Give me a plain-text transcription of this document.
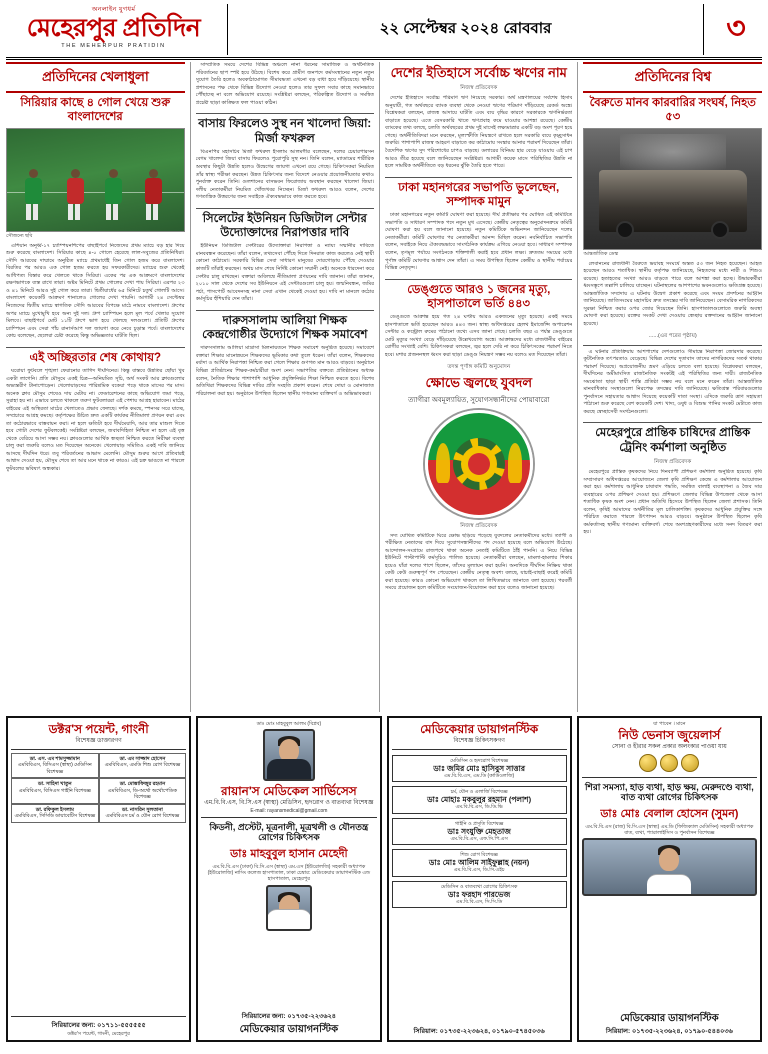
অনলাইন যুগধর্ম
মেহেরপুর প্রতিদিন
THE MEHERPUR PRATIDIN
২২ সেপ্টেম্বর ২০২৪ রোববার	৩
প্রতিদিনের খেলাধুলা
সিরিয়ার কাছে ৪ গোল খেয়ে শুরু বাংলাদেশের
সৌজন্যে ছবি

এশিয়ান অনূর্ধ্ব-১৭ চ্যাম্পিয়নশিপের বাছাইপর্বে নিজেদের প্রথম ম্যাচে বড় হার দিয়ে শুরু করেছে বাংলাদেশ। সিরিয়ার কাছে ৪-০ গোলে হেরেছে লাল-সবুজের প্রতিনিধিরা। সৌদি আরবের দাম্মামে অনুষ্ঠিত ম্যাচে প্রথমার্ধেই তিন গোল হজম করে বাংলাদেশ। বিরতির পর আরও এক গোল হজম করতে হয় সফরকারীদের। ম্যাচের শুরু থেকেই আধিপত্য বিস্তার করে খেলতে থাকে সিরিয়া। একের পর এক আক্রমণে বাংলাদেশের রক্ষণভাগকে ব্যস্ত রাখে তারা। অষ্টম মিনিটে প্রথম গোলের দেখা পায় সিরিয়া। এরপর ২৩ ও ৪১ মিনিটে আরও দুই গোল করে তারা। দ্বিতীয়ার্ধের ৬৫ মিনিটে চতুর্থ গোলটি আসে। বাংলাদেশ কয়েকটি আক্রমণ শানালেও গোলের দেখা পায়নি। আগামী ২৪ সেপ্টেম্বর নিজেদের দ্বিতীয় ম্যাচে স্বাগতিক সৌদি আরবের বিপক্ষে মাঠে নামবে বাংলাদেশ। গ্রুপের অপর ম্যাচে মুখোমুখি হবে অন্য দুই দল। গ্রুপ চ্যাম্পিয়ন হলে মূল পর্বে খেলার সুযোগ মিলবে। বাছাইপর্বে মোট ১১টি গ্রুপে ভাগ হয়ে খেলছে দলগুলো। প্রতিটি গ্রুপের চ্যাম্পিয়ন এবং সেরা পাঁচ রানার্সআপ দল জায়গা করে নেবে চূড়ান্ত পর্বে। বাংলাদেশের কোচ বলেছেন, ছেলেরা চেষ্টা করেছে কিন্তু অভিজ্ঞতার ঘাটতি ছিল।

এই অচ্ছিরতার শেষ কোথায়?

ঘরোয়া ফুটবলে শৃঙ্খলা ফেরানোর তাগিদ দীর্ঘদিনের। কিন্তু বাস্তবে উন্নতির ছোঁয়া খুব একটা লাগেনি। প্রতি মৌসুমে একই চিত্র—অনিয়মিত সূচি, অর্থ সংকট আর ক্লাবগুলোর অভ্যন্তরীণ টানাপোড়েন। খেলোয়াড়দের পারিশ্রমিক বকেয়া পড়ে থাকে মাসের পর মাস। অনেক ক্লাব মৌসুম শেষেও দায় মেটায় না। ফেডারেশনের কাছে অভিযোগ জমা পড়ে, সুরাহা হয় না। এভাবে চলতে থাকলে তরুণ ফুটবলাররা এই পেশায় আগ্রহ হারাবেন। মাঠের বাইরের এই অস্থিরতা মাঠের খেলাতেও প্রভাব ফেলছে। দর্শক কমছে, স্পনসর সরে যাচ্ছে, সম্প্রচারে আগ্রহ কমছে। কর্তৃপক্ষের উচিত দ্রুত একটি কার্যকর নীতিমালা প্রণয়ন করা এবং তা কঠোরভাবে বাস্তবায়ন করা। না হলে ক্ষতিটা হবে দীর্ঘমেয়াদি, আর তার মাশুল দিতে হবে গোটা দেশের ফুটবলকেই। সংশ্লিষ্টরা বলছেন, জবাবদিহিতা নিশ্চিত না হলে এই বৃত্ত থেকে বেরিয়ে আসা সম্ভব নয়। ক্লাবগুলোর আর্থিক স্বচ্ছতা নিশ্চিত করতে নিরীক্ষা ব্যবস্থা চালু করা জরুরি বলেও মত দিয়েছেন অনেকে। খেলোয়াড় সমিতিও একই দাবি জানিয়ে আসছে দীর্ঘদিন ধরে। তবু পরিবর্তনের আভাস মেলেনি। মৌসুম শুরুর আগে প্রতিবারই আশ্বাস দেওয়া হয়, মৌসুম শেষে তা আর মনে থাকে না কারও। এই চক্র ভাঙতে না পারলে ফুটবলের ভবিষ্যৎ অন্ধকার।

সাম্প্রতিক সময়ে দেশের বিভিন্ন অঞ্চলে নানা ধরনের সামাজিক ও অর্থনৈতিক পরিবর্তনের ছাপ স্পষ্ট হয়ে উঠছে। বিশেষ করে গ্রামীণ জনপদে কর্মসংস্থানের নতুন নতুন সুযোগ তৈরি হলেও অবকাঠামোগত সীমাবদ্ধতা এখনো বড় বাধা হয়ে দাঁড়িয়েছে। স্থানীয় প্রশাসনের পক্ষ থেকে বিভিন্ন উদ্যোগ নেওয়া হলেও তার সুফল সবার কাছে সমানভাবে পৌঁছাচ্ছে না বলে অভিযোগ রয়েছে। সংশ্লিষ্টরা বলছেন, পরিকল্পিত উদ্যোগ ও সমন্বিত প্রচেষ্টা ছাড়া কাঙ্ক্ষিত ফল পাওয়া কঠিন।

বাসায় ফিরলেও সুস্থ নন খালেদা জিয়া: মির্জা ফখরুল

বিএনপির মহাসচিব মির্জা ফখরুল ইসলাম আলমগীর বলেছেন, দলের চেয়ারপারসন বেগম খালেদা জিয়া বাসায় ফিরলেও পুরোপুরি সুস্থ নন। তিনি বলেন, ম্যাডামের শারীরিক অবস্থার কিছুটা উন্নতি হলেও উদ্বেগের জায়গা এখনো রয়ে গেছে। চিকিৎসকরা নিয়মিত তাঁর স্বাস্থ্য পরীক্ষা করছেন। উন্নত চিকিৎসার জন্য বিদেশে নেওয়ার প্রয়োজনীয়তার কথাও পুনর্ব্যক্ত করেন তিনি। গুলশানের বাসভবন ফিরোজায় অবস্থান করছেন খালেদা জিয়া। দলীয় নেতাকর্মীরা নিয়মিত খোঁজখবর নিচ্ছেন। মির্জা ফখরুল আরও বলেন, দেশের গণতান্ত্রিক উত্তরণের জন্য সবাইকে ঐক্যবদ্ধভাবে কাজ করতে হবে।

সিলেটের ইউনিয়ন ডিজিটাল সেন্টার উদ্যোক্তাদের নিরাপত্তার দাবি

ইউনিয়ন ডিজিটাল সেন্টারের উদ্যোক্তারা নিরাপত্তা ও ন্যায্য সম্মানীর দাবিতে মানববন্ধন করেছেন। তাঁরা বলেন, তথ্যসেবা পৌঁছে দিতে দিনরাত কাজ করলেও নেই স্থায়ী কোনো কাঠামো। সরকারি বিভিন্ন সেবা সাধারণ মানুষের দোরগোড়ায় পৌঁছে দেওয়ার কাজটি তাঁরাই করছেন। অথচ মাস শেষে নির্দিষ্ট কোনো সম্মানী নেই। অনেকে ধারদেনা করে সেন্টার চালু রাখছেন। বক্তারা অবিলম্বে নীতিমালা প্রণয়নের দাবি জানান। তাঁরা জানান, ২০১০ সাল থেকে দেশের সব ইউনিয়নে এই সেন্টারগুলো চালু হয়। জন্মনিবন্ধন, জমির পর্চা, পাসপোর্ট আবেদনসহ নানা সেবা এখান থেকেই দেওয়া হয়। দাবি না মানলে কঠোর কর্মসূচির হুঁশিয়ারি দেন তাঁরা।

দারুসসালাম আলিয়া শিক্ষক কেন্দ্রগোষ্ঠীর উদ্যোগে শিক্ষক সমাবেশ

দারুসসালাম আলিয়া মাদ্রাসা মিলনায়তনে শিক্ষক সমাবেশ অনুষ্ঠিত হয়েছে। সমাবেশে বক্তারা শিক্ষার মানোন্নয়নে শিক্ষকদের ভূমিকার কথা তুলে ধরেন। তাঁরা বলেন, শিক্ষকদের মর্যাদা ও আর্থিক নিরাপত্তা নিশ্চিত করা গেলে শিক্ষার গুণগত মান আরও বাড়বে। অনুষ্ঠানে বিভিন্ন প্রতিষ্ঠানের শিক্ষক-কর্মচারীরা অংশ নেন। সভাপতির বক্তব্যে প্রতিষ্ঠানের অধ্যক্ষ বলেন, নৈতিক শিক্ষার পাশাপাশি আধুনিক প্রযুক্তিনির্ভর শিক্ষা নিশ্চিত করতে হবে। বিশেষ অতিথিরা শিক্ষকদের বিভিন্ন দাবির প্রতি সংহতি প্রকাশ করেন। শেষে দোয়া ও মোনাজাত পরিচালনা করা হয়। অনুষ্ঠানে উপস্থিত ছিলেন স্থানীয় গণ্যমান্য ব্যক্তিবর্গ ও অভিভাবকরা।

দেশের ইতিহাসে সর্বোচ্চ ঋণের নাম
নিজস্ব প্রতিবেদক

দেশের ইতিহাসে সর্বোচ্চ পরিমাণ ঋণ নিয়েছে সরকার। অর্থ মন্ত্রণালয়ের সর্বশেষ হিসাব অনুযায়ী, গত অর্থবছরে ব্যাংক ব্যবস্থা থেকে নেওয়া ঋণের পরিমাণ দাঁড়িয়েছে রেকর্ড অঙ্কে। বিশ্লেষকরা বলছেন, রাজস্ব আদায়ে ঘাটতি এবং ব্যয় বৃদ্ধির কারণে সরকারকে ঋণনির্ভরতা বাড়াতে হয়েছে। এতে বেসরকারি খাতে ঋণপ্রবাহ কমে যাওয়ার আশঙ্কা রয়েছে। কেন্দ্রীয় ব্যাংকের তথ্য বলছে, চলতি অর্থবছরের প্রথম দুই মাসেই লক্ষ্যমাত্রার একটি বড় অংশ পূরণ হয়ে গেছে। অর্থনীতিবিদরা মনে করছেন, মূল্যস্ফীতি নিয়ন্ত্রণে রাখতে হলে সরকারি ব্যয়ে কৃচ্ছ্রসাধন জরুরি। পাশাপাশি রাজস্ব আহরণ বাড়াতে কর কাঠামোয় সংস্কার আনার পরামর্শ দিয়েছেন তাঁরা। বৈদেশিক ঋণের সুদ পরিশোধের চাপও বাড়ছে। ডলারের বিনিময় হার বেড়ে যাওয়ায় এই চাপ আরও তীব্র হয়েছে বলে জানিয়েছেন সংশ্লিষ্টরা। আগামী কয়েক মাসে পরিস্থিতির উন্নতি না হলে সামষ্টিক অর্থনীতিতে বড় ধরনের ঝুঁকি তৈরি হতে পারে।

ঢাকা মহানগরের সভাপতি ভুলেছেন, সম্পাদক মামুন

ঢাকা মহানগরের নতুন কমিটি ঘোষণা করা হয়েছে। দীর্ঘ প্রতীক্ষার পর ঘোষিত এই কমিটিতে সভাপতি ও সাধারণ সম্পাদক পদে নতুন মুখ এসেছে। কেন্দ্রীয় নেতৃত্বের অনুমোদনক্রমে কমিটি ঘোষণা করা হয় বলে জানানো হয়েছে। নতুন কমিটিকে অভিনন্দন জানিয়েছেন দলের নেতাকর্মীরা। কমিটি ঘোষণার পর নেতাকর্মীরা আনন্দ মিছিল করেন। নবনির্বাচিত সভাপতি বলেন, সবাইকে নিয়ে ঐক্যবদ্ধভাবে সাংগঠনিক কার্যক্রম এগিয়ে নেওয়া হবে। সাধারণ সম্পাদক বলেন, তৃণমূল পর্যায়ে সংগঠনকে শক্তিশালী করাই হবে প্রধান লক্ষ্য। দ্রুততম সময়ের মধ্যে পূর্ণাঙ্গ কমিটি ঘোষণার আশ্বাস দেন তাঁরা। এ সময় উপস্থিত ছিলেন কেন্দ্রীয় ও স্থানীয় পর্যায়ের বিভিন্ন নেতৃবৃন্দ।

ডেঙ্গুতে আরও ১ জনের মৃত্যু, হাসপাতালে ভর্তি ৪৪৩

ডেঙ্গুতে আক্রান্ত হয়ে গত ২৪ ঘণ্টায় আরও একজনের মৃত্যু হয়েছে। একই সময়ে হাসপাতালে ভর্তি হয়েছেন আরও ৪৪৩ জন। স্বাস্থ্য অধিদপ্তরের হেলথ ইমার্জেন্সি অপারেশন সেন্টার ও কন্ট্রোল রুমের পাঠানো তথ্যে এসব জানা গেছে। চলতি বছর এ পর্যন্ত ডেঙ্গুতে মোট মৃত্যুর সংখ্যা বেড়ে দাঁড়িয়েছে উল্লেখযোগ্য অঙ্কে। আক্রান্তদের মধ্যে রাজধানীর বাইরের রোগীর সংখ্যাই বেশি। চিকিৎসকরা বলছেন, জ্বর হলে দেরি না করে চিকিৎসকের পরামর্শ নিতে হবে। মশার প্রজননস্থল ধ্বংস করা ছাড়া ডেঙ্গু নিয়ন্ত্রণ সম্ভব নয় বলেও মত দিয়েছেন তাঁরা।

তদন্ত পূর্ণাঙ্গ কমিটি অনুমোদন
ক্ষোভে জ্বলছে যুবদল
ত্যাগীরা অবমূল্যায়িত, সুযোগসন্ধানীদের পোয়াবারো
নিজস্ব প্রতিবেদক

সদ্য ঘোষিত কমিটিকে ঘিরে ক্ষোভ ছড়িয়ে পড়েছে যুবদলের নেতাকর্মীদের মধ্যে। ত্যাগী ও পরীক্ষিত নেতাদের বাদ দিয়ে সুযোগসন্ধানীদের পদ দেওয়া হয়েছে বলে অভিযোগ উঠেছে। আন্দোলন-সংগ্রামে রাজপথে থাকা অনেক নেতাই কমিটিতে ঠাঁই পাননি। এ নিয়ে বিভিন্ন ইউনিটে পাল্টাপাল্টি কর্মসূচিও পালিত হয়েছে। নেতাকর্মীরা বলছেন, মামলা-হামলার শিকার হয়েও যাঁরা দলের পাশে ছিলেন, তাঁদের মূল্যায়ন করা হয়নি। অন্যদিকে দীর্ঘদিন নিষ্ক্রিয় থাকা কেউ কেউ গুরুত্বপূর্ণ পদ পেয়েছেন। কেন্দ্রীয় নেতৃত্ব অবশ্য বলছে, যাচাই-বাছাই করেই কমিটি করা হয়েছে। কারও কোনো অভিযোগ থাকলে তা লিখিতভাবে জানাতে বলা হয়েছে। পরবর্তী সময়ে প্রয়োজন হলে কমিটিতে সংযোজন-বিয়োজন করা হবে বলেও জানানো হয়েছে।

প্রতিদিনের বিশ্ব
বৈরুতে মানব কারবারির সংঘর্ষ, নিহত ৫৩
আন্তর্জাতিক ডেস্ক

লেবাননের রাজধানী বৈরুতে ভয়াবহ সংঘর্ষে অন্তত ৫৩ জন নিহত হয়েছেন। আহত হয়েছেন আরও শতাধিক। স্থানীয় কর্তৃপক্ষ জানিয়েছে, নিহতদের মধ্যে নারী ও শিশুও রয়েছে। হতাহতের সংখ্যা আরও বাড়তে পারে বলে আশঙ্কা করা হচ্ছে। উদ্ধারকর্মীরা ধ্বংসস্তূপে তল্লাশি চালিয়ে যাচ্ছেন। ঘটনাস্থলের আশপাশের ভবনগুলোও ক্ষতিগ্রস্ত হয়েছে। আন্তর্জাতিক সম্প্রদায় এ ঘটনায় উদ্বেগ প্রকাশ করেছে এবং সংযম প্রদর্শনের আহ্বান জানিয়েছে। জাতিসংঘের মহাসচিব দ্রুত তদন্তের দাবি জানিয়েছেন। বেসামরিক নাগরিকদের সুরক্ষা নিশ্চিত করার ওপর জোর দিয়েছেন তিনি। হাসপাতালগুলোতে জরুরি অবস্থা ঘোষণা করা হয়েছে। রক্তের সংকট দেখা দেওয়ায় স্বেচ্ছায় রক্তদানের আহ্বান জানানো হয়েছে।

......(এর পরের পৃষ্ঠায়)

এ ঘটনার প্রতিক্রিয়ায় আশপাশের দেশগুলোও সীমান্তে নিরাপত্তা জোরদার করেছে। কূটনৈতিক তৎপরতাও বেড়েছে। বিভিন্ন দেশের দূতাবাস তাদের নাগরিকদের সতর্ক থাকার পরামর্শ দিয়েছে। অপ্রয়োজনীয় ভ্রমণ এড়িয়ে চলতে বলা হয়েছে। বিশ্লেষকরা বলছেন, দীর্ঘদিনের অমীমাংসিত রাজনৈতিক সংকটই এই পরিস্থিতির জন্য দায়ী। রাজনৈতিক সমঝোতা ছাড়া স্থায়ী শান্তি প্রতিষ্ঠা সম্ভব নয় বলে মনে করেন তাঁরা। আন্তর্জাতিক মানবাধিকার সংস্থাগুলো নিরপেক্ষ তদন্তের দাবি জানিয়েছে। ক্ষতিগ্রস্ত পরিবারগুলোর পুনর্বাসনে সহায়তার আশ্বাস দিয়েছে কয়েকটি দাতা সংস্থা। এদিকে জরুরি ত্রাণ সহায়তা পাঠানো শুরু করেছে বেশ কয়েকটি দেশ। খাদ্য, ওষুধ ও বিশুদ্ধ পানির সংকট মেটাতে কাজ করছে স্বেচ্ছাসেবী সংগঠনগুলো।

মেহেরপুরে প্রান্তিক চাষিদের প্রান্তিক ট্রেনিং কর্মশালা অনুষ্ঠিত
নিজস্ব প্রতিবেদক

মেহেরপুরে প্রান্তিক কৃষকদের নিয়ে দিনব্যাপী প্রশিক্ষণ কর্মশালা অনুষ্ঠিত হয়েছে। কৃষি সম্প্রসারণ অধিদপ্তরের আয়োজনে জেলা কৃষি প্রশিক্ষণ কেন্দ্রে এ কর্মশালার আয়োজন করা হয়। কর্মশালায় আধুনিক চাষাবাদ পদ্ধতি, সমন্বিত বালাই ব্যবস্থাপনা ও জৈব সার ব্যবহারের ওপর প্রশিক্ষণ দেওয়া হয়। প্রশিক্ষণে জেলার বিভিন্ন উপজেলা থেকে আসা শতাধিক কৃষক অংশ নেন। প্রধান অতিথি হিসেবে উপস্থিত ছিলেন জেলা প্রশাসক। তিনি বলেন, কৃষিই আমাদের অর্থনীতির মূল চালিকাশক্তি। কৃষকদের আধুনিক প্রযুক্তির সঙ্গে পরিচিত করাতে পারলে উৎপাদন আরও বাড়বে। অনুষ্ঠানে উপস্থিত ছিলেন কৃষি কর্মকর্তাসহ স্থানীয় গণ্যমান্য ব্যক্তিবর্গ। শেষে অংশগ্রহণকারীদের মধ্যে সনদ বিতরণ করা হয়।

ডক্টর'স পয়েন্ট, গাংনী
বিশেষজ্ঞ ডাক্তারগণ
ডা. এস. এম শামসুজ্জামান
এমবিবিএস, বিসিএস (স্বাস্থ্য) মেডিসিন বিশেষজ্ঞ
ডা. এম সাজ্জাদ হোসেন
এমবিবিএস, এমডি শিশু রোগ বিশেষজ্ঞ
ডা. সাহিদা খাতুন
এমবিবিএস, বিসিএস গাইনি বিশেষজ্ঞ
ডা. মোস্তাফিজুর রহমান
এমবিবিএস, ডি-অর্থো অর্থোপেডিক বিশেষজ্ঞ
ডা. রফিকুল ইসলাম
এমবিবিএস, সিসিডি ডায়াবেটিস বিশেষজ্ঞ
ডা. নাসরিন সুলতানা
এমবিবিএস চর্ম ও যৌন রোগ বিশেষজ্ঞ
সিরিয়ালের জন্য: ০১৭১১-৫৫৫৫৫৫
ডক্টর'স পয়েন্ট, গাংনী, মেহেরপুর
ডাঃ মোঃ মাহবুবুল আলম (বিপ্লব)
রায়ান'স মেডিকেল সার্ভিসেস
এম.বি.বি.এস, বি.সি.এস (স্বাস্থ্য) মেডিসিন, হৃদরোগ ও বাতব্যথা বিশেষজ্ঞ
E-mail: rayansmedical@gmail.com
কিডনী, প্রস্টেট, মূত্রনালী, মূত্রথলী ও যৌনতন্ত্র রোগের চিকিৎসক
ডাঃ মাহবুবুল হাসান মেহেদী
এম.বি.বি.এস (ঢাকা) বি.সি.এস (স্বাস্থ্য) এম.এস (ইউরোলজি) সহকারী অধ্যাপক (ইউরোলজি) নাসিং কলেজ হাসপাতাল, ঢাকা চেম্বার: মেডিকেয়ার ডায়াগনস্টিক এন্ড হাসপাতাল, মেহেরপুর
সিরিয়ালের জন্য: ০১৭৩৫-২২৩৬২৪
মেডিকেয়ার ডায়াগনস্টিক
মেডিকেয়ার ডায়াগনস্টিক
বিশেষজ্ঞ চিকিৎসকগণ
মেডিসিন ও হৃদরোগ বিশেষজ্ঞ
ডাঃ জমির মোঃ হাসিবুস সাত্তার
এম.বি.বি.এস, এম.ডি (কার্ডিওলজি)
চর্ম, যৌন ও এলার্জি বিশেষজ্ঞ
ডাঃ মোহাঃ মকবুলুর রহমান (পলাশ)
এম.বি.বি.এস, ডি.ডি.ভি
গাইনি ও প্রসূতি বিশেষজ্ঞ
ডাঃ সংযুক্তি মেহতাজ
এম.বি.বি.এস, এফ.সি.পি.এস
শিশু রোগ বিশেষজ্ঞ
ডাঃ মোঃ আলিম সাইফুল্লাহ (নয়ন)
এম.বি.বি.এস, ডি.সি.এইচ
মেডিসিন ও বাতব্যথা রোগের চিকিৎসক
ডাঃ ফরহাদ পারভেজ
এম.বি.বি.এস, সি.সি.ডি
সিরিয়াল: ০১৭৩৫-২২৩৬২৪, ০১৭৯০-৫৭৪৫০৩৬
যা পাবেন । মানে
নিউ ভেনাস জুয়েলার্স
সোনা ও হীরার সকল প্রকার অলংকার পাওয়া যায়
শিরা সমস্যা, হাড় ব্যথা, হাড় ক্ষয়, মেরুদণ্ডে ব্যথা, বাত ব্যথা রোগের চিকিৎসক
ডাঃ মোঃ বেলাল হোসেন (সুমন)
এম.বি.বি.এস (রাজ) বি.সি.এস (স্বাস্থ্য) এম.ডি (ফিজিক্যাল মেডিসিন) সহকারী অধ্যাপক বাত, ব্যথা, প্যারালাইসিস ও পুনর্বাসন বিশেষজ্ঞ
মেডিকেয়ার ডায়াগনস্টিক
সিরিয়াল: ০১৭৩৫-২২৩৬২৪, ০১৭৯০-৫৪৪০৩৬
